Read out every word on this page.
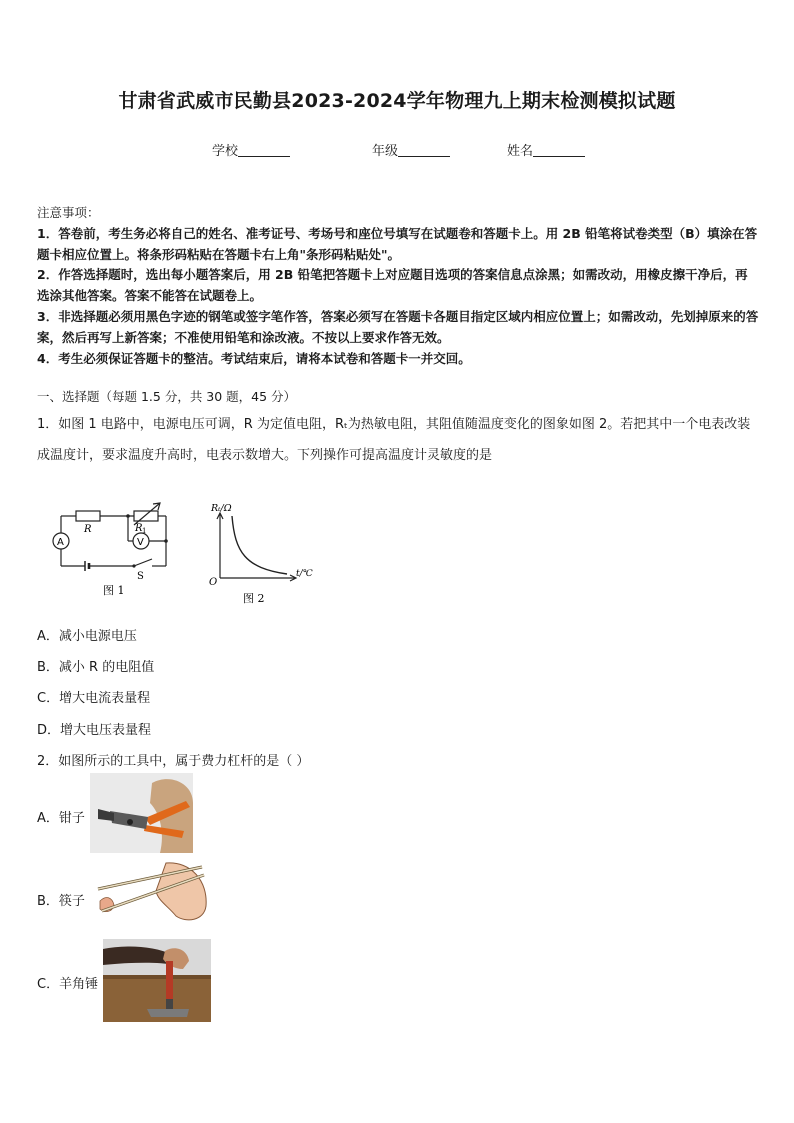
甘肃省武威市民勤县2023-2024学年物理九上期末检测模拟试题
学校	年级	姓名
注意事项：
1．答卷前，考生务必将自己的姓名、准考证号、考场号和座位号填写在试题卷和答题卡上。用 2B 铅笔将试卷类型（B）填涂在答题卡相应位置上。将条形码粘贴在答题卡右上角"条形码粘贴处"。
2．作答选择题时，选出每小题答案后，用 2B 铅笔把答题卡上对应题目选项的答案信息点涂黑；如需改动，用橡皮擦干净后，再选涂其他答案。答案不能答在试题卷上。
3．非选择题必须用黑色字迹的钢笔或签字笔作答，答案必须写在答题卡各题目指定区域内相应位置上；如需改动，先划掉原来的答案，然后再写上新答案；不准使用铅笔和涂改液。不按以上要求作答无效。
4．考生必须保证答题卡的整洁。考试结束后，请将本试卷和答题卡一并交回。
一、选择题（每题 1.5 分，共 30 题，45 分）
1．如图 1 电路中，电源电压可调，R 为定值电阻，Rₜ为热敏电阻，其阻值随温度变化的图象如图 2。若把其中一个电表改装成温度计，要求温度升高时，电表示数增大。下列操作可提高温度计灵敏度的是
R	R 1
A	V
S
图 1
Rₜ/Ω
t/℃
O
图 2
A．减小电源电压
B．减小 R 的电阻值
C．增大电流表量程
D．增大电压表量程
2．如图所示的工具中，属于费力杠杆的是（ ）
A．钳子
B．筷子
C．羊角锤
